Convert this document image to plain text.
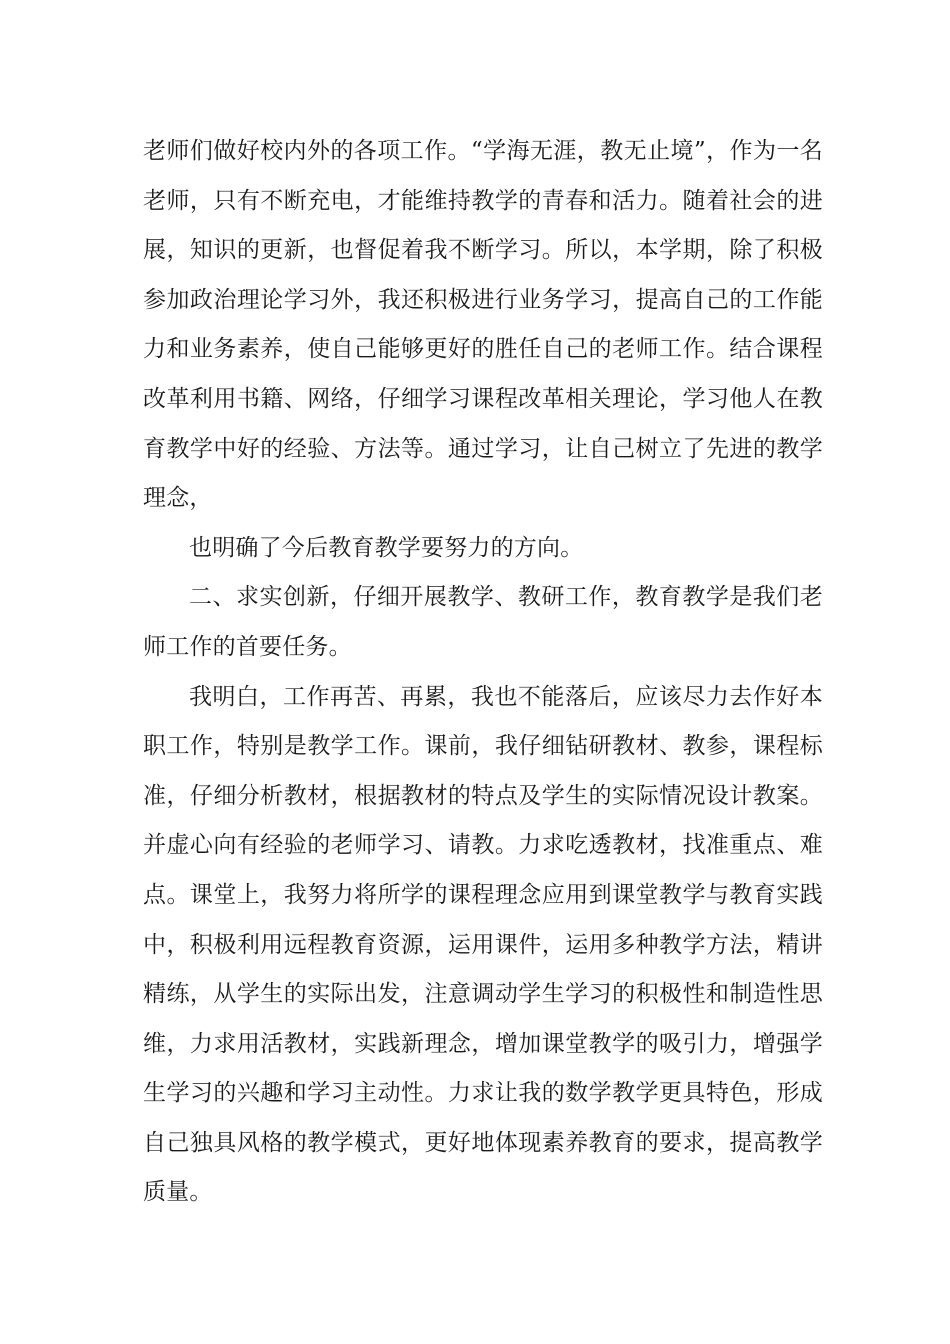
老师们做好校内外的各项工作。“学海无涯，教无止境”，作为一名老师，只有不断充电，才能维持教学的青春和活力。随着社会的进展，知识的更新，也督促着我不断学习。所以，本学期，除了积极参加政治理论学习外，我还积极进行业务学习，提高自己的工作能力和业务素养，使自己能够更好的胜任自己的老师工作。结合课程改革利用书籍、网络，仔细学习课程改革相关理论，学习他人在教育教学中好的经验、方法等。通过学习，让自己树立了先进的教学理念，

也明确了今后教育教学要努力的方向。

二、求实创新，仔细开展教学、教研工作，教育教学是我们老师工作的首要任务。

我明白，工作再苦、再累，我也不能落后，应该尽力去作好本职工作，特别是教学工作。课前，我仔细钻研教材、教参，课程标准，仔细分析教材，根据教材的特点及学生的实际情况设计教案。并虚心向有经验的老师学习、请教。力求吃透教材，找准重点、难点。课堂上，我努力将所学的课程理念应用到课堂教学与教育实践中，积极利用远程教育资源，运用课件，运用多种教学方法，精讲精练，从学生的实际出发，注意调动学生学习的积极性和制造性思维，力求用活教材，实践新理念，增加课堂教学的吸引力，增强学生学习的兴趣和学习主动性。力求让我的数学教学更具特色，形成自己独具风格的教学模式，更好地体现素养教育的要求，提高教学质量。
